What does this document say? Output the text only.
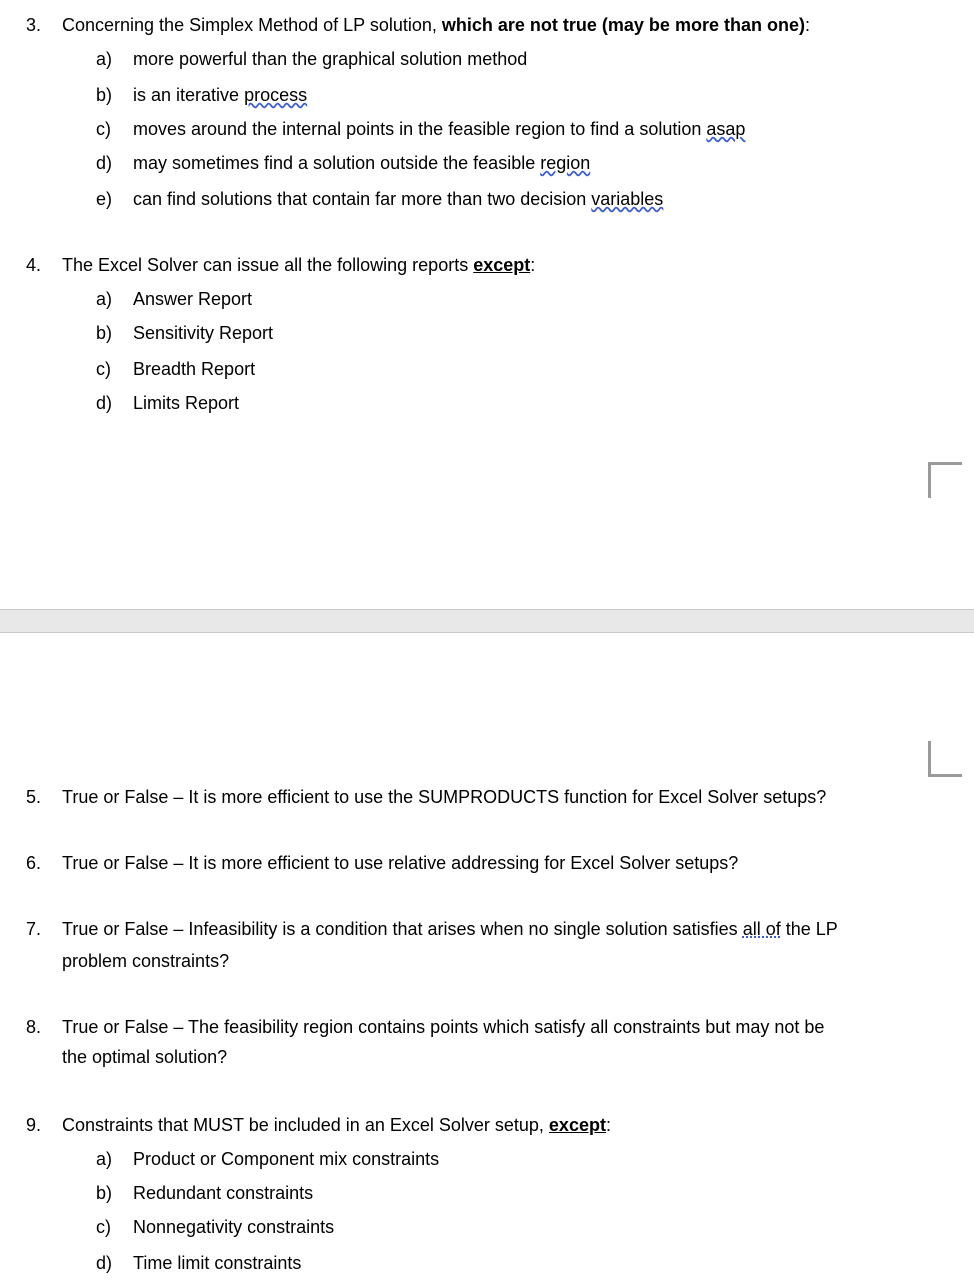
3. Concerning the Simplex Method of LP solution, which are not true (may be more than one):
a) more powerful than the graphical solution method
b) is an iterative process
c) moves around the internal points in the feasible region to find a solution asap
d) may sometimes find a solution outside the feasible region
e) can find solutions that contain far more than two decision variables
4. The Excel Solver can issue all the following reports except:
a) Answer Report
b) Sensitivity Report
c) Breadth Report
d) Limits Report
5. True or False – It is more efficient to use the SUMPRODUCTS function for Excel Solver setups?
6. True or False – It is more efficient to use relative addressing for Excel Solver setups?
7. True or False – Infeasibility is a condition that arises when no single solution satisfies all of the LP
problem constraints?
8. True or False – The feasibility region contains points which satisfy all constraints but may not be
the optimal solution?
9. Constraints that MUST be included in an Excel Solver setup, except:
a) Product or Component mix constraints
b) Redundant constraints
c) Nonnegativity constraints
d) Time limit constraints
